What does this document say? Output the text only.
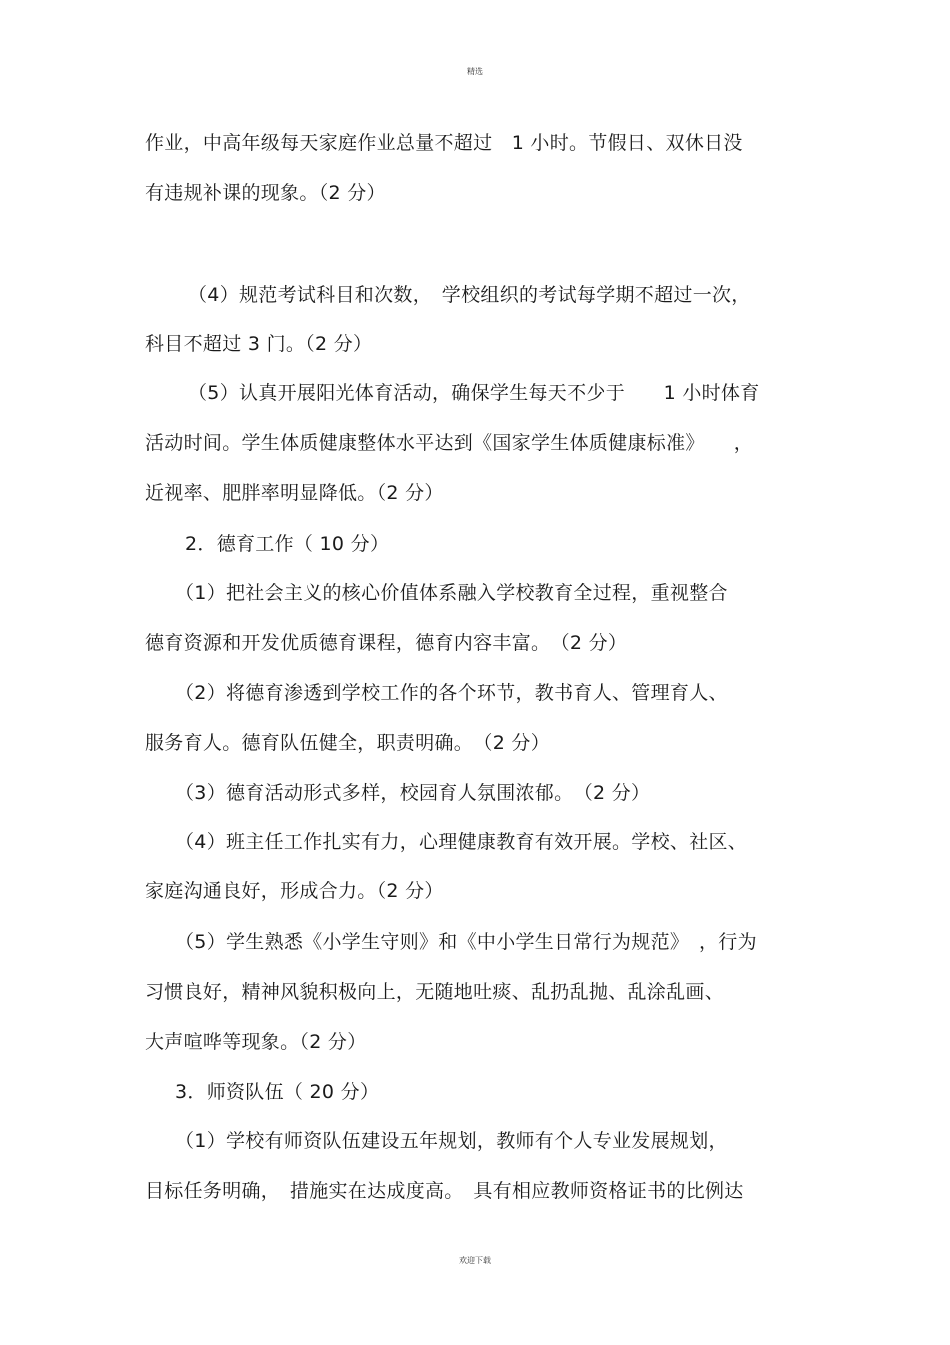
精选
作业，中高年级每天家庭作业总量不超过　1 小时。节假日、双休日没
有违规补课的现象。（2 分）
（4）规范考试科目和次数，　学校组织的考试每学期不超过一次，
科目不超过 3 门。（2 分）
（5）认真开展阳光体育活动，确保学生每天不少于　　1 小时体育
活动时间。学生体质健康整体水平达到《国家学生体质健康标准》　　，
近视率、肥胖率明显降低。（2 分）
2．德育工作（ 10 分）
（1）把社会主义的核心价值体系融入学校教育全过程，重视整合
德育资源和开发优质德育课程，德育内容丰富。　（2 分）
（2）将德育渗透到学校工作的各个环节，教书育人、管理育人、
服务育人。德育队伍健全，职责明确。　（2 分）
（3）德育活动形式多样，校园育人氛围浓郁。　（2 分）
（4）班主任工作扎实有力，心理健康教育有效开展。学校、社区、
家庭沟通良好，形成合力。（2 分）
（5）学生熟悉《小学生守则》和《中小学生日常行为规范》　，行为
习惯良好，精神风貌积极向上，无随地吐痰、乱扔乱抛、乱涂乱画、
大声喧哗等现象。（2 分）
3．师资队伍（ 20 分）
（1）学校有师资队伍建设五年规划，教师有个人专业发展规划，
目标任务明确，　措施实在达成度高。　具有相应教师资格证书的比例达
欢迎下载
